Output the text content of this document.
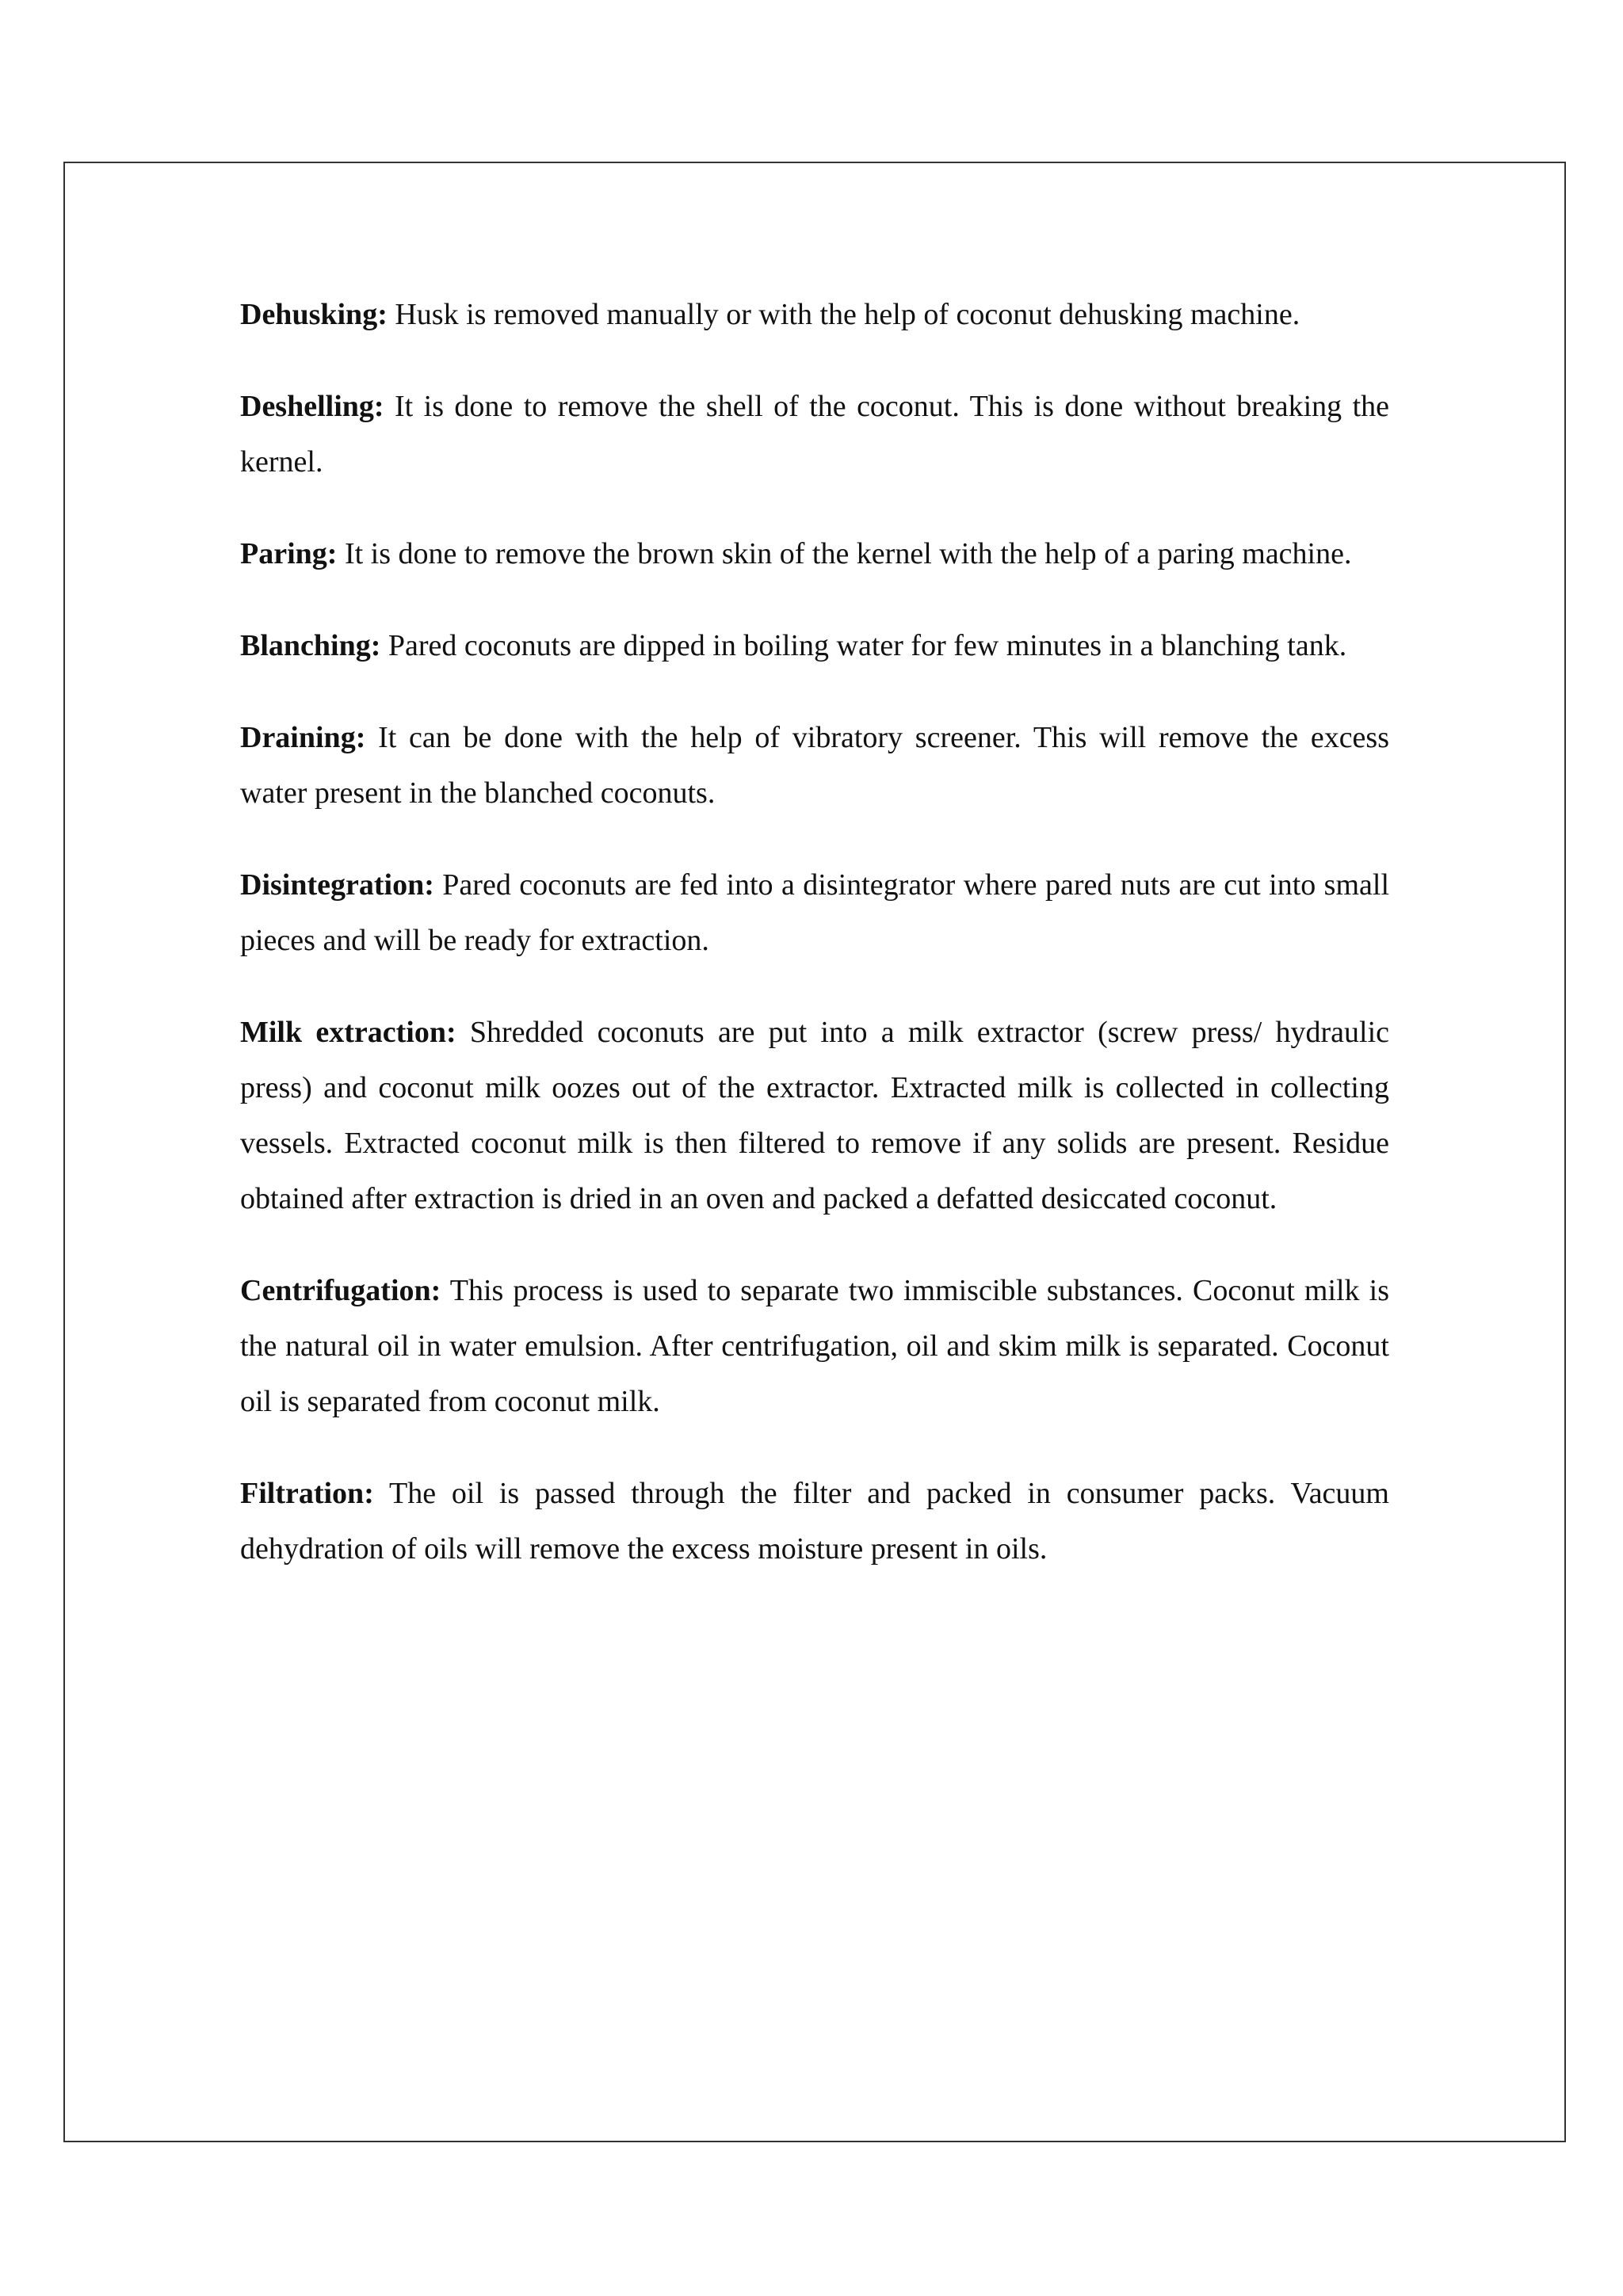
Dehusking: Husk is removed manually or with the help of coconut dehusking machine.

Deshelling: It is done to remove the shell of the coconut. This is done without breaking the kernel.

Paring: It is done to remove the brown skin of the kernel with the help of a paring machine.

Blanching: Pared coconuts are dipped in boiling water for few minutes in a blanching tank.

Draining: It can be done with the help of vibratory screener. This will remove the excess water present in the blanched coconuts.

Disintegration: Pared coconuts are fed into a disintegrator where pared nuts are cut into small pieces and will be ready for extraction.

Milk extraction: Shredded coconuts are put into a milk extractor (screw press/ hydraulic press) and coconut milk oozes out of the extractor. Extracted milk is collected in collecting vessels. Extracted coconut milk is then filtered to remove if any solids are present. Residue obtained after extraction is dried in an oven and packed a defatted desiccated coconut.

Centrifugation: This process is used to separate two immiscible substances. Coconut milk is the natural oil in water emulsion. After centrifugation, oil and skim milk is separated. Coconut oil is separated from coconut milk.

Filtration: The oil is passed through the filter and packed in consumer packs. Vacuum dehydration of oils will remove the excess moisture present in oils.
